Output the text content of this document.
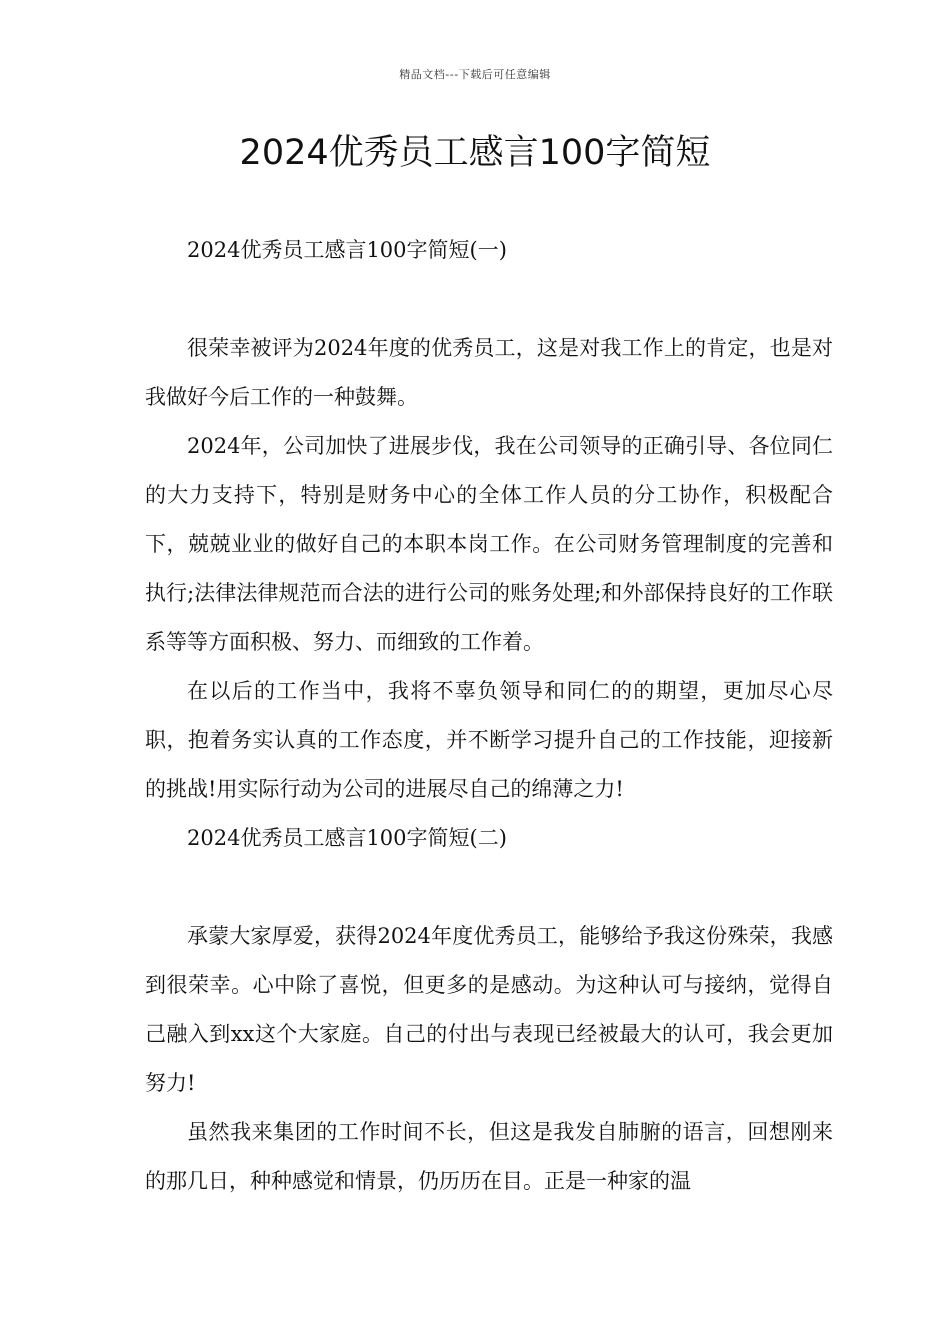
精品文档---下载后可任意编辑
2024优秀员工感言100字简短

2024优秀员工感言100字简短(一)

很荣幸被评为2024年度的优秀员工，这是对我工作上的肯定，也是对我做好今后工作的一种鼓舞。

2024年，公司加快了进展步伐，我在公司领导的正确引导、各位同仁的大力支持下，特别是财务中心的全体工作人员的分工协作，积极配合下，兢兢业业的做好自己的本职本岗工作。在公司财务管理制度的完善和执行;法律法律规范而合法的进行公司的账务处理;和外部保持良好的工作联系等等方面积极、努力、而细致的工作着。

在以后的工作当中，我将不辜负领导和同仁的的期望，更加尽心尽职，抱着务实认真的工作态度，并不断学习提升自己的工作技能，迎接新的挑战!用实际行动为公司的进展尽自己的绵薄之力!

2024优秀员工感言100字简短(二)

承蒙大家厚爱，获得2024年度优秀员工，能够给予我这份殊荣，我感到很荣幸。心中除了喜悦，但更多的是感动。为这种认可与接纳，觉得自己融入到xx这个大家庭。自己的付出与表现已经被最大的认可，我会更加努力!

虽然我来集团的工作时间不长，但这是我发自肺腑的语言，回想刚来的那几日，种种感觉和情景，仍历历在目。正是一种家的温
